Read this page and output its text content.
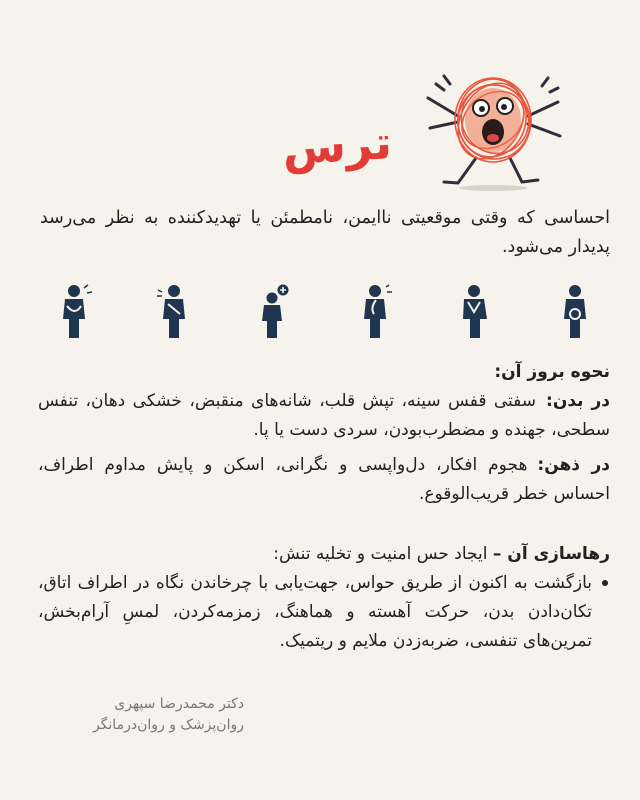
ترس
احساسی که وقتی موقعیتی ناایمن، نامطمئن یا تهدیدکننده به نظر می‌رسد پدیدار می‌شود.
نحوه بروز آن:
در بدن:سفتی قفس سینه، تپش قلب، شانه‌های منقبض، خشکی دهان، تنفس سطحی، جهنده و مضطرب‌بودن، سردی دست یا پا.
در ذهن:هجوم افکار، دل‌واپسی و نگرانی، اسکن و پایش مداوم اطراف، احساس خطر قریب‌الوقوع.
رهاسازی آن – ایجاد حس امنیت و تخلیه تنش:
بازگشت به اکنون از طریق حواس، جهت‌یابی با چرخاندن نگاه در اطراف اتاق، تکان‌دادن بدن، حرکت آهسته و هماهنگ، زمزمه‌کردن، لمسِ آرام‌بخش، تمرین‌های تنفسی، ضربه‌زدن ملایم و ریتمیک.
دکتر محمدرضا سپهری
روان‌پزشک و روان‌درمانگر
